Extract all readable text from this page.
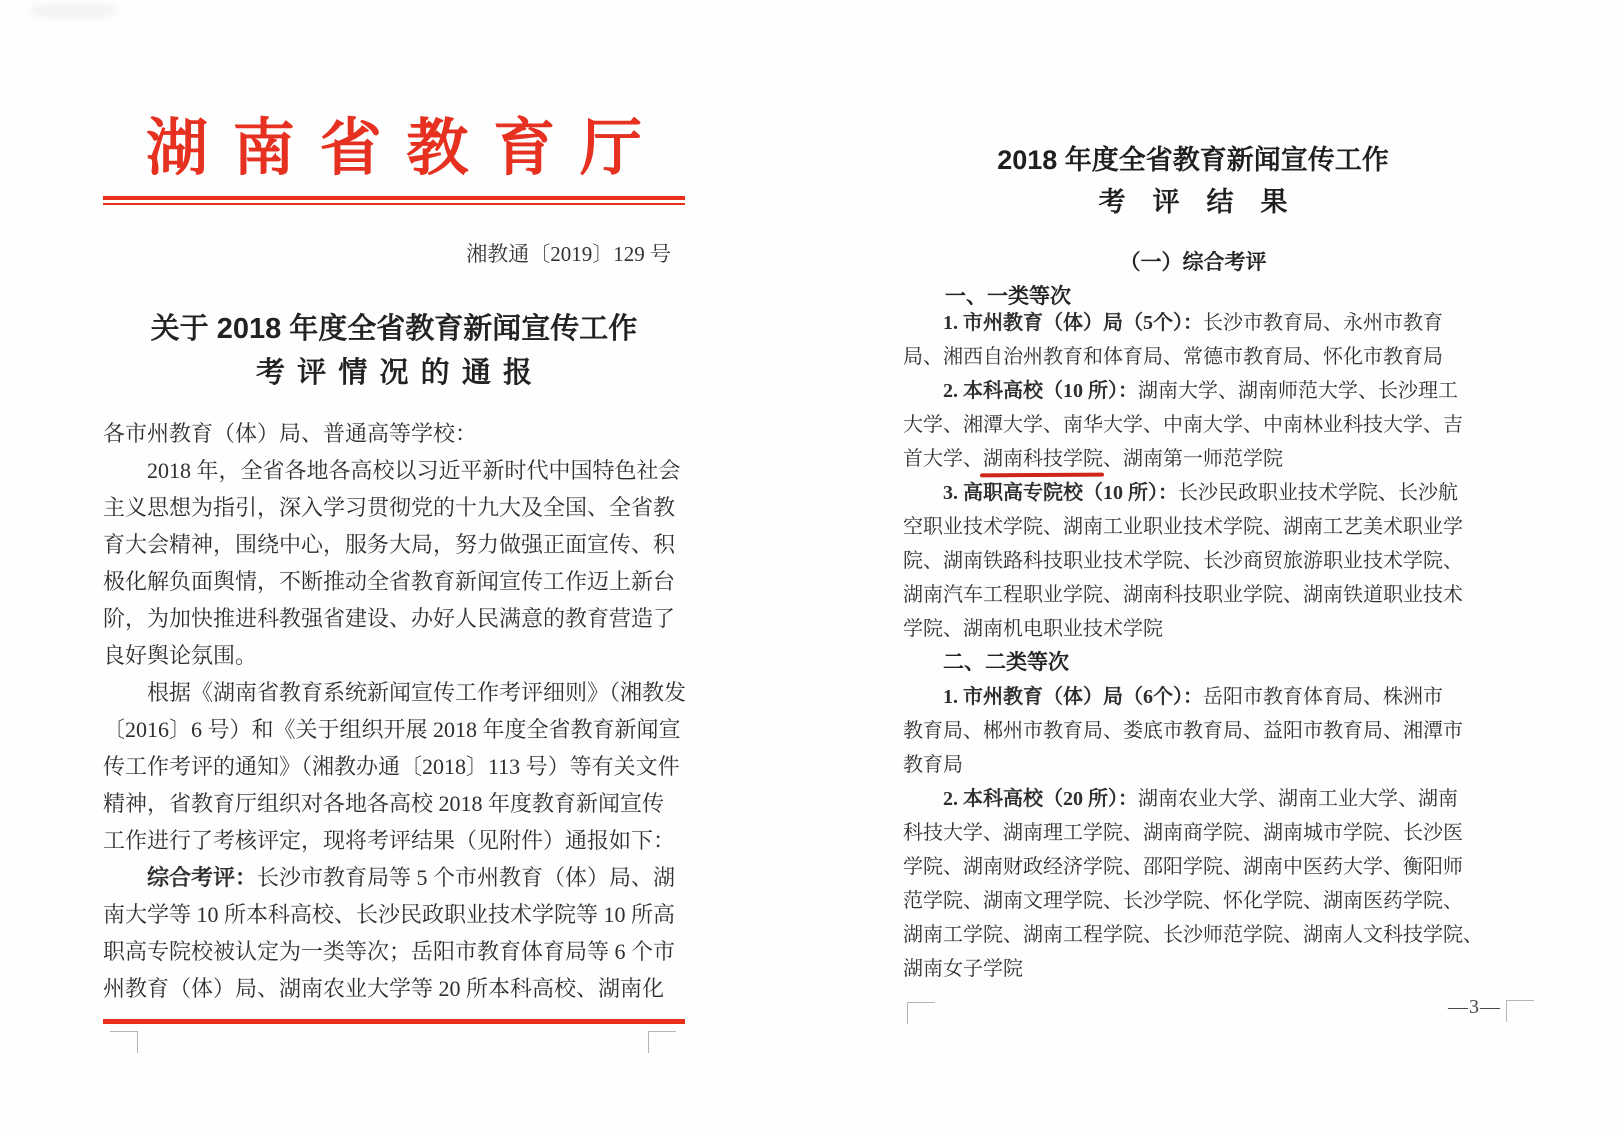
湖南省教育厅
湘教通〔2019〕129 号
关于 2018 年度全省教育新闻宣传工作
考评情况的通报
各市州教育（体）局、普通高等学校：
2018 年，全省各地各高校以习近平新时代中国特色社会
主义思想为指引，深入学习贯彻党的十九大及全国、全省教
育大会精神，围绕中心，服务大局，努力做强正面宣传、积
极化解负面舆情，不断推动全省教育新闻宣传工作迈上新台
阶，为加快推进科教强省建设、办好人民满意的教育营造了
良好舆论氛围。
根据《湖南省教育系统新闻宣传工作考评细则》（湘教发
〔2016〕6 号）和《关于组织开展 2018 年度全省教育新闻宣
传工作考评的通知》（湘教办通〔2018〕113 号）等有关文件
精神，省教育厅组织对各地各高校 2018 年度教育新闻宣传
工作进行了考核评定，现将考评结果（见附件）通报如下：
综合考评：长沙市教育局等 5 个市州教育（体）局、湖
南大学等 10 所本科高校、长沙民政职业技术学院等 10 所高
职高专院校被认定为一类等次；岳阳市教育体育局等 6 个市
州教育（体）局、湖南农业大学等 20 所本科高校、湖南化
2018 年度全省教育新闻宣传工作
考评结果
（一）综合考评
一、一类等次
1. 市州教育（体）局（5个）：长沙市教育局、永州市教育
局、湘西自治州教育和体育局、常德市教育局、怀化市教育局
2. 本科高校（10 所）：湖南大学、湖南师范大学、长沙理工
大学、湘潭大学、南华大学、中南大学、中南林业科技大学、吉
首大学、湖南科技学院、湖南第一师范学院
3. 高职高专院校（10 所）：长沙民政职业技术学院、长沙航
空职业技术学院、湖南工业职业技术学院、湖南工艺美术职业学
院、湖南铁路科技职业技术学院、长沙商贸旅游职业技术学院、
湖南汽车工程职业学院、湖南科技职业学院、湖南铁道职业技术
学院、湖南机电职业技术学院
二、二类等次
1. 市州教育（体）局（6个）：岳阳市教育体育局、株洲市
教育局、郴州市教育局、娄底市教育局、益阳市教育局、湘潭市
教育局
2. 本科高校（20 所）：湖南农业大学、湖南工业大学、湖南
科技大学、湖南理工学院、湖南商学院、湖南城市学院、长沙医
学院、湖南财政经济学院、邵阳学院、湖南中医药大学、衡阳师
范学院、湖南文理学院、长沙学院、怀化学院、湖南医药学院、
湖南工学院、湖南工程学院、长沙师范学院、湖南人文科技学院、
湖南女子学院
—3—
